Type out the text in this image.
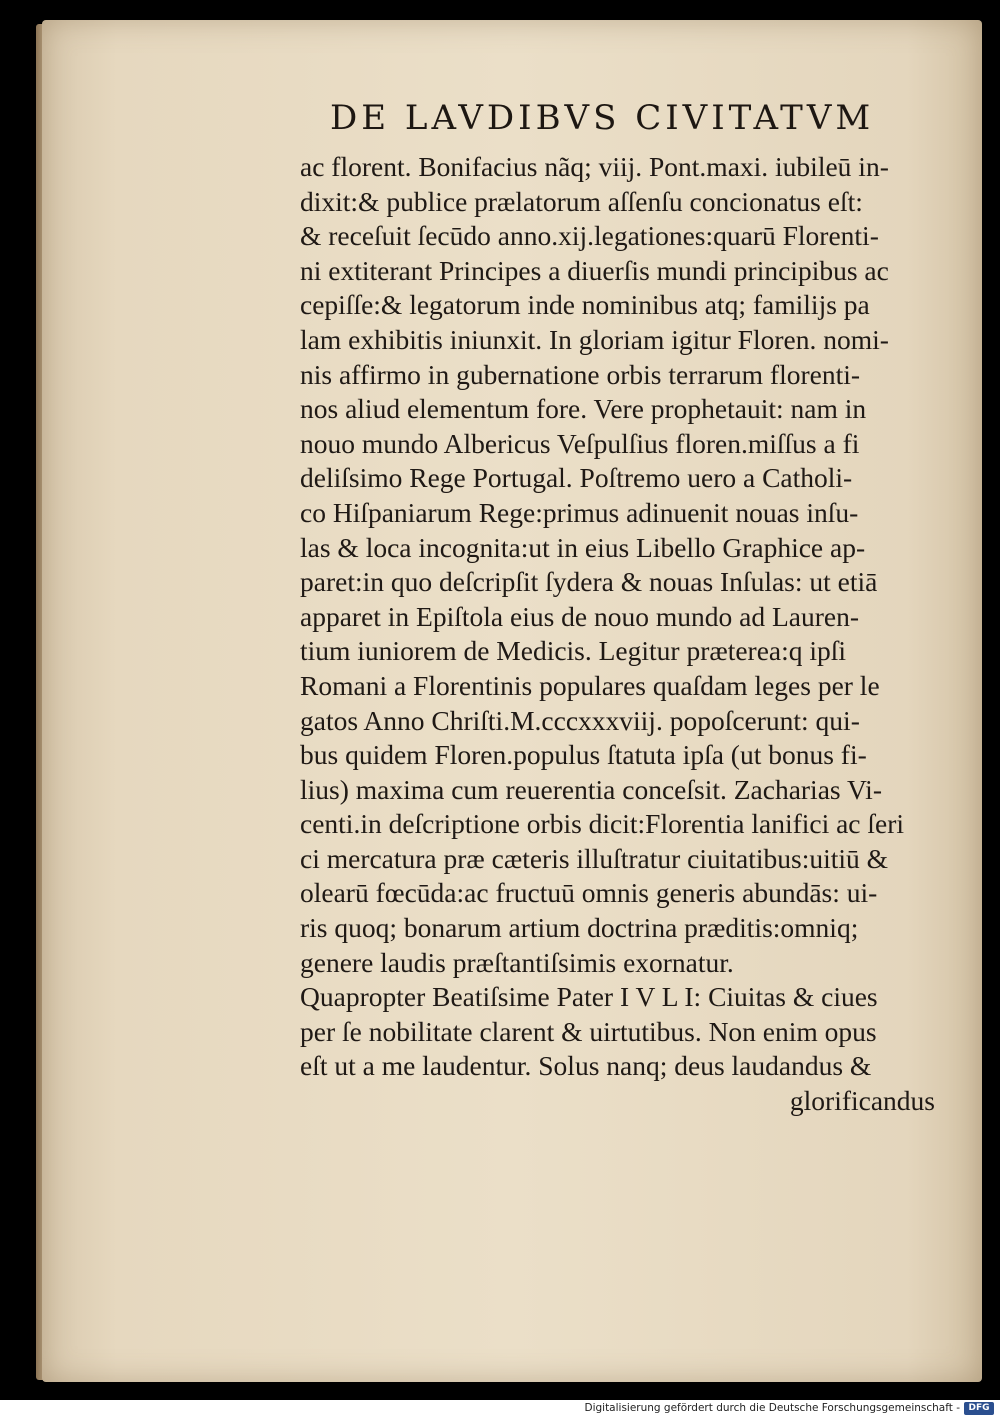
DE LAVDIBVS CIVITATVM
ac florent. Bonifacius nãq; viij. Pont.maxi. iubileū in-
dixit:& publice prælatorum aſſenſu concionatus eſt:
& receſuit ſecūdo anno.xij.legationes:quarū Florenti-
ni extiterant Principes a diuerſis mundi principibus ac
cepiſſe:& legatorum inde nominibus atq; familijs pa
lam exhibitis iniunxit. In gloriam igitur Floren. nomi-
nis affirmo in gubernatione orbis terrarum florenti-
nos aliud elementum fore. Vere prophetauit: nam in
nouo mundo Albericus Veſpulſius floren.miſſus a fi
deliſsimo Rege Portugal. Poſtremo uero a Catholi-
co Hiſpaniarum Rege:primus adinuenit nouas inſu-
las & loca incognita:ut in eius Libello Graphice ap-
paret:in quo deſcripſit ſydera & nouas Inſulas: ut etiā
apparet in Epiſtola eius de nouo mundo ad Lauren-
tium iuniorem de Medicis. Legitur præterea:q ipſi
Romani a Florentinis populares quaſdam leges per le
gatos Anno Chriſti.M.cccxxxviij. popoſcerunt: qui-
bus quidem Floren.populus ſtatuta ipſa (ut bonus fi-
lius) maxima cum reuerentia conceſsit. Zacharias Vi-
centi.in deſcriptione orbis dicit:Florentia lanifici ac ſeri
ci mercatura præ cæteris illuſtratur ciuitatibus:uitiū &
olearū fœcūda:ac fructuū omnis generis abundās: ui-
ris quoq; bonarum artium doctrina præditis:omniq;
genere laudis præſtantiſsimis exornatur.
Quapropter Beatiſsime Pater I V L I: Ciuitas & ciues
per ſe nobilitate clarent & uirtutibus. Non enim opus
eſt ut a me laudentur. Solus nanq; deus laudandus &
glorificandus
Digitalisierung gefördert durch die Deutsche Forschungsgemeinschaft - DFG
